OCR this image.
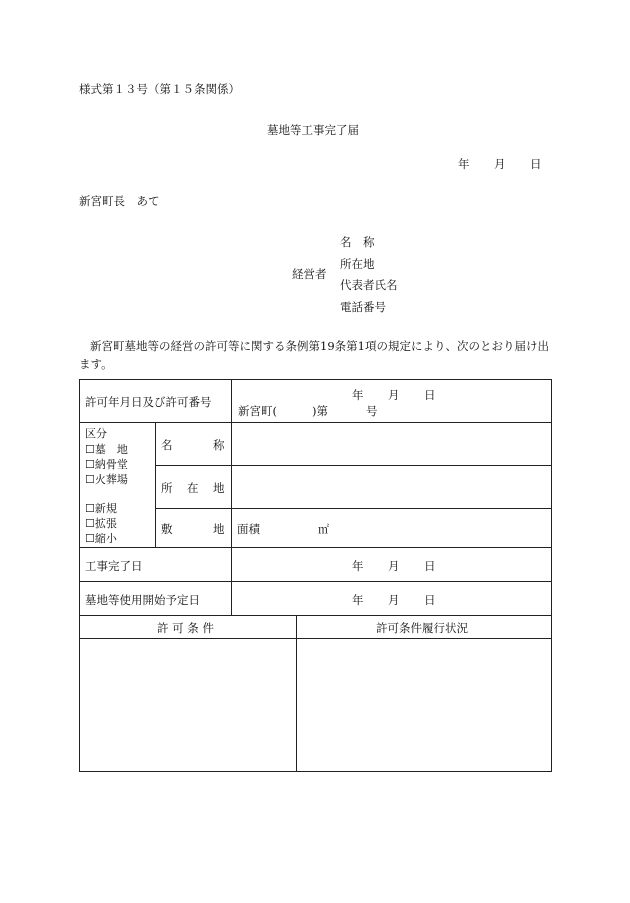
様式第１３号（第１５条関係）
墓地等工事完了届
年 月 日
新宮町長　あて
経営者
名　称
所在地
代表者氏名
電話番号
新宮町墓地等の経営の許可等に関する条例第19条第1項の規定により、次のとおり届け出
ます。
許可年月日及び許可番号	年 月 日
新宮町(	)第	号
区分
☐墓　地
☐納骨堂
☐火葬場
☐新規
☐拡張
☐縮小
名	称
所 在 地
敷	地 面積	㎡
工事完了日	年 月 日
墓地等使用開始予定日	年 月 日
許 可 条 件	許可条件履行状況
